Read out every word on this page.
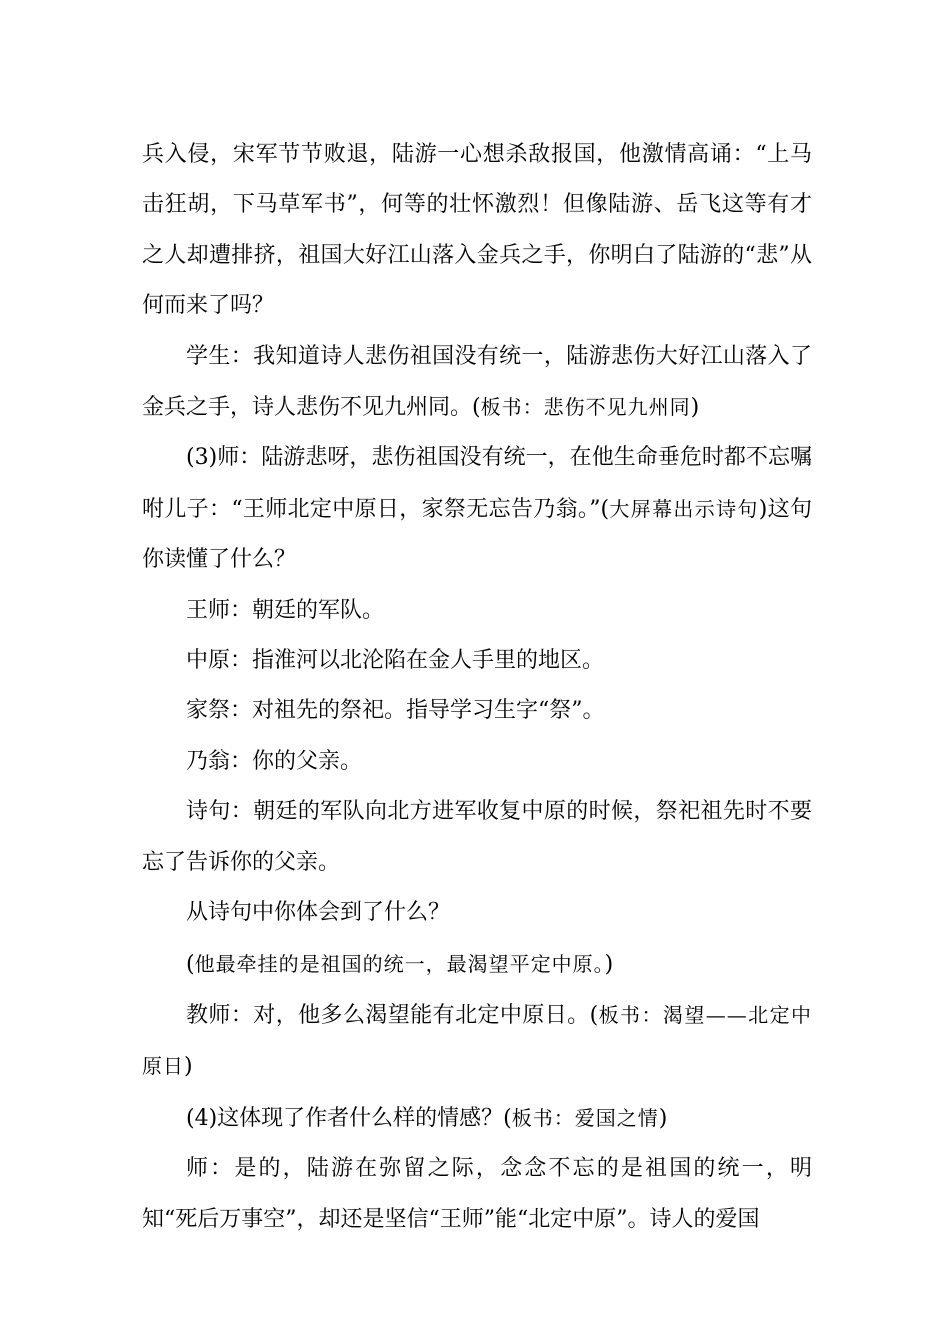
兵入侵，宋军节节败退，陆游一心想杀敌报国，他激情高诵：“上马击狂胡，下马草军书”，何等的壮怀激烈！但像陆游、岳飞这等有才之人却遭排挤，祖国大好江山落入金兵之手，你明白了陆游的“悲”从何而来了吗？

学生：我知道诗人悲伤祖国没有统一，陆游悲伤大好江山落入了金兵之手，诗人悲伤不见九州同。(板书：悲伤不见九州同)

(3)师：陆游悲呀，悲伤祖国没有统一，在他生命垂危时都不忘嘱咐儿子：“王师北定中原日，家祭无忘告乃翁。”(大屏幕出示诗句)这句你读懂了什么？

王师：朝廷的军队。

中原：指淮河以北沦陷在金人手里的地区。

家祭：对祖先的祭祀。指导学习生字“祭”。

乃翁：你的父亲。

诗句：朝廷的军队向北方进军收复中原的时候，祭祀祖先时不要忘了告诉你的父亲。

从诗句中你体会到了什么？

(他最牵挂的是祖国的统一，最渴望平定中原。)

教师：对，他多么渴望能有北定中原日。(板书：渴望——北定中原日)

(4)这体现了作者什么样的情感？(板书：爱国之情)

师：是的，陆游在弥留之际，念念不忘的是祖国的统一，明知“死后万事空”，却还是坚信“王师”能“北定中原”。诗人的爱国
